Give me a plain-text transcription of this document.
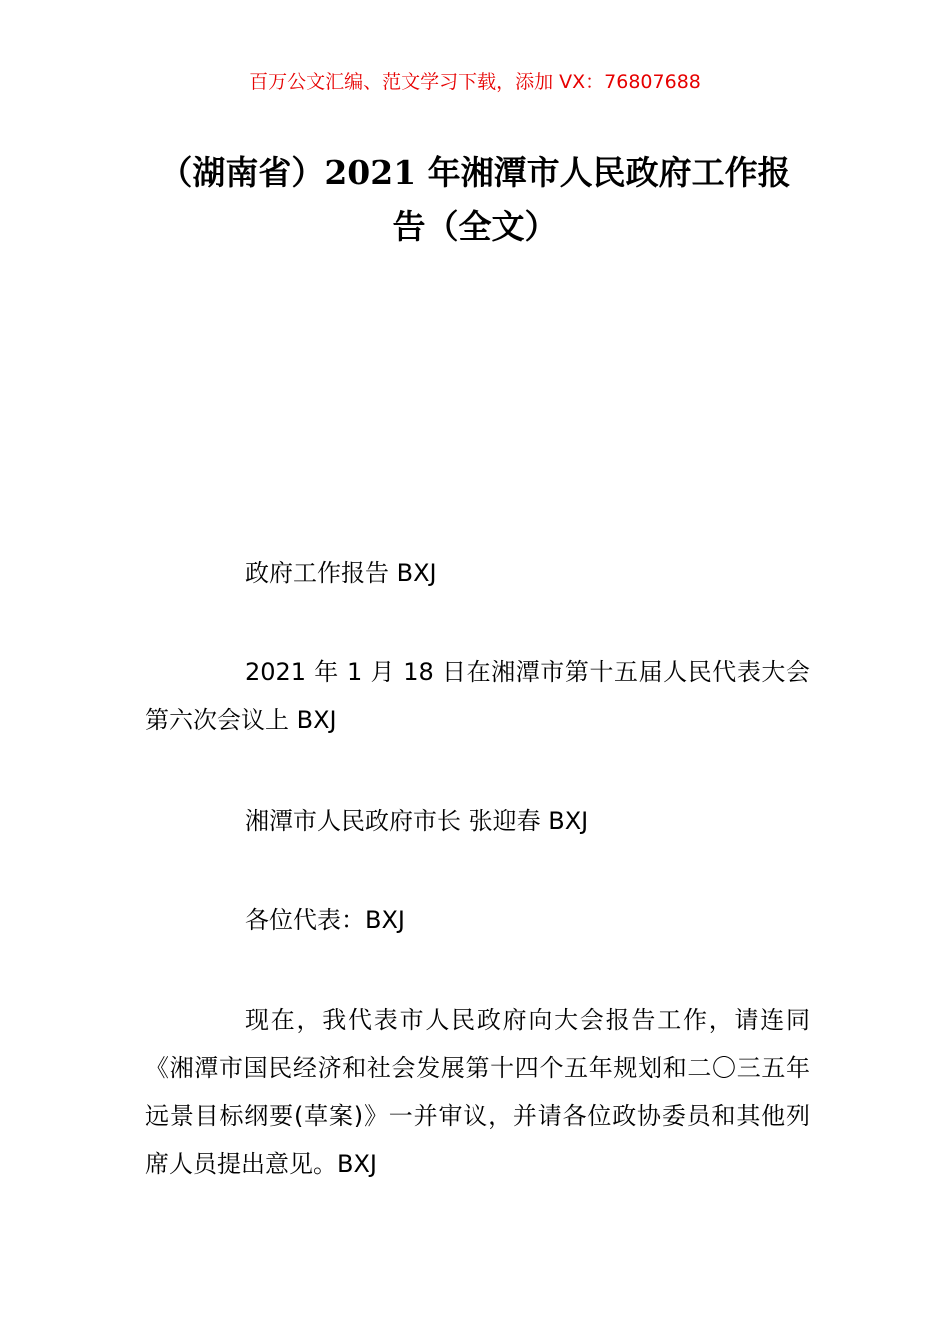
百万公文汇编、范文学习下载，添加 VX：76807688
（湖南省）2021 年湘潭市人民政府工作报
告（全文）

政府工作报告 BXJ

2021 年 1 月 18 日在湘潭市第十五届人民代表大会第六次会议上 BXJ

湘潭市人民政府市长 张迎春 BXJ

各位代表：BXJ

现在，我代表市人民政府向大会报告工作，请连同《湘潭市国民经济和社会发展第十四个五年规划和二〇三五年远景目标纲要(草案)》一并审议，并请各位政协委员和其他列席人员提出意见。BXJ
